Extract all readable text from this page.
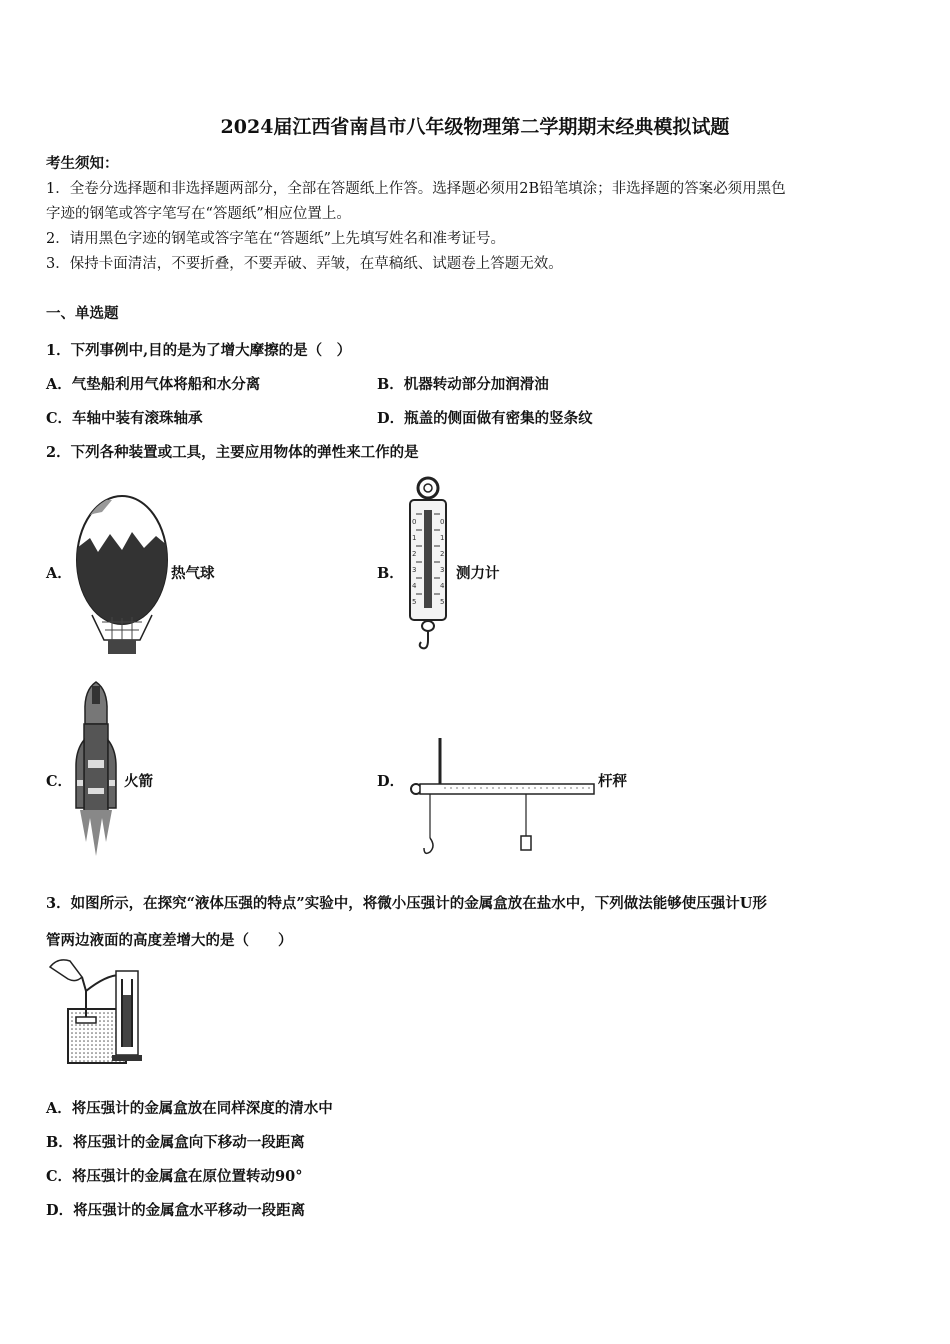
2024届江西省南昌市八年级物理第二学期期末经典模拟试题
考生须知：
1．全卷分选择题和非选择题两部分，全部在答题纸上作答。选择题必须用2B铅笔填涂；非选择题的答案必须用黑色
字迹的钢笔或答字笔写在“答题纸”相应位置上。
2．请用黑色字迹的钢笔或答字笔在“答题纸”上先填写姓名和准考证号。
3．保持卡面清洁，不要折叠，不要弄破、弄皱，在草稿纸、试题卷上答题无效。
一、单选题
1．下列事例中,目的是为了增大摩擦的是（　）
A．气垫船利用气体将船和水分离	B．机器转动部分加润滑油
C．车轴中装有滚珠轴承	D．瓶盖的侧面做有密集的竖条纹
2．下列各种装置或工具，主要应用物体的弹性来工作的是
A．	热气球	B．
0
1
2
3
4
5
0
1
2
3
4
5
测力计
C．	火箭	D．	杆秤
3．如图所示，在探究“液体压强的特点”实验中，将微小压强计的金属盒放在盐水中，下列做法能够使压强计U形
管两边液面的高度差增大的是（　　）
A．将压强计的金属盒放在同样深度的清水中
B．将压强计的金属盒向下移动一段距离
C．将压强计的金属盒在原位置转动90°
D．将压强计的金属盒水平移动一段距离
